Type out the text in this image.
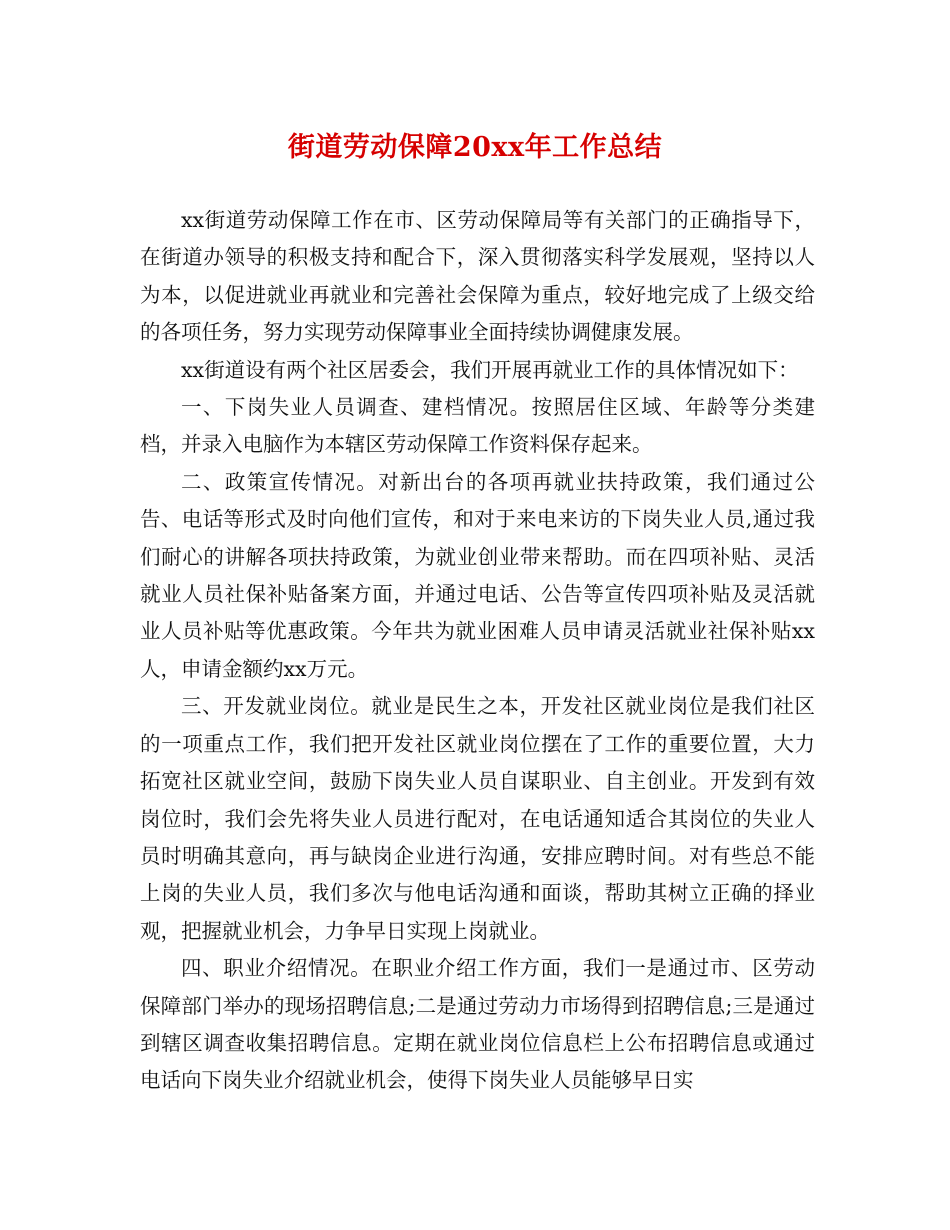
街道劳动保障20xx年工作总结

xx街道劳动保障工作在市、区劳动保障局等有关部门的正确指导下，在街道办领导的积极支持和配合下，深入贯彻落实科学发展观，坚持以人为本，以促进就业再就业和完善社会保障为重点，较好地完成了上级交给的各项任务，努力实现劳动保障事业全面持续协调健康发展。

xx街道设有两个社区居委会，我们开展再就业工作的具体情况如下：

一、下岗失业人员调查、建档情况。按照居住区域、年龄等分类建档，并录入电脑作为本辖区劳动保障工作资料保存起来。

二、政策宣传情况。对新出台的各项再就业扶持政策，我们通过公告、电话等形式及时向他们宣传，和对于来电来访的下岗失业人员,通过我们耐心的讲解各项扶持政策，为就业创业带来帮助。而在四项补贴、灵活就业人员社保补贴备案方面，并通过电话、公告等宣传四项补贴及灵活就业人员补贴等优惠政策。今年共为就业困难人员申请灵活就业社保补贴xx人，申请金额约xx万元。

三、开发就业岗位。就业是民生之本，开发社区就业岗位是我们社区的一项重点工作，我们把开发社区就业岗位摆在了工作的重要位置，大力拓宽社区就业空间，鼓励下岗失业人员自谋职业、自主创业。开发到有效岗位时，我们会先将失业人员进行配对，在电话通知适合其岗位的失业人员时明确其意向，再与缺岗企业进行沟通，安排应聘时间。对有些总不能上岗的失业人员，我们多次与他电话沟通和面谈，帮助其树立正确的择业观，把握就业机会，力争早日实现上岗就业。

四、职业介绍情况。在职业介绍工作方面，我们一是通过市、区劳动保障部门举办的现场招聘信息;二是通过劳动力市场得到招聘信息;三是通过到辖区调查收集招聘信息。定期在就业岗位信息栏上公布招聘信息或通过电话向下岗失业介绍就业机会，使得下岗失业人员能够早日实
